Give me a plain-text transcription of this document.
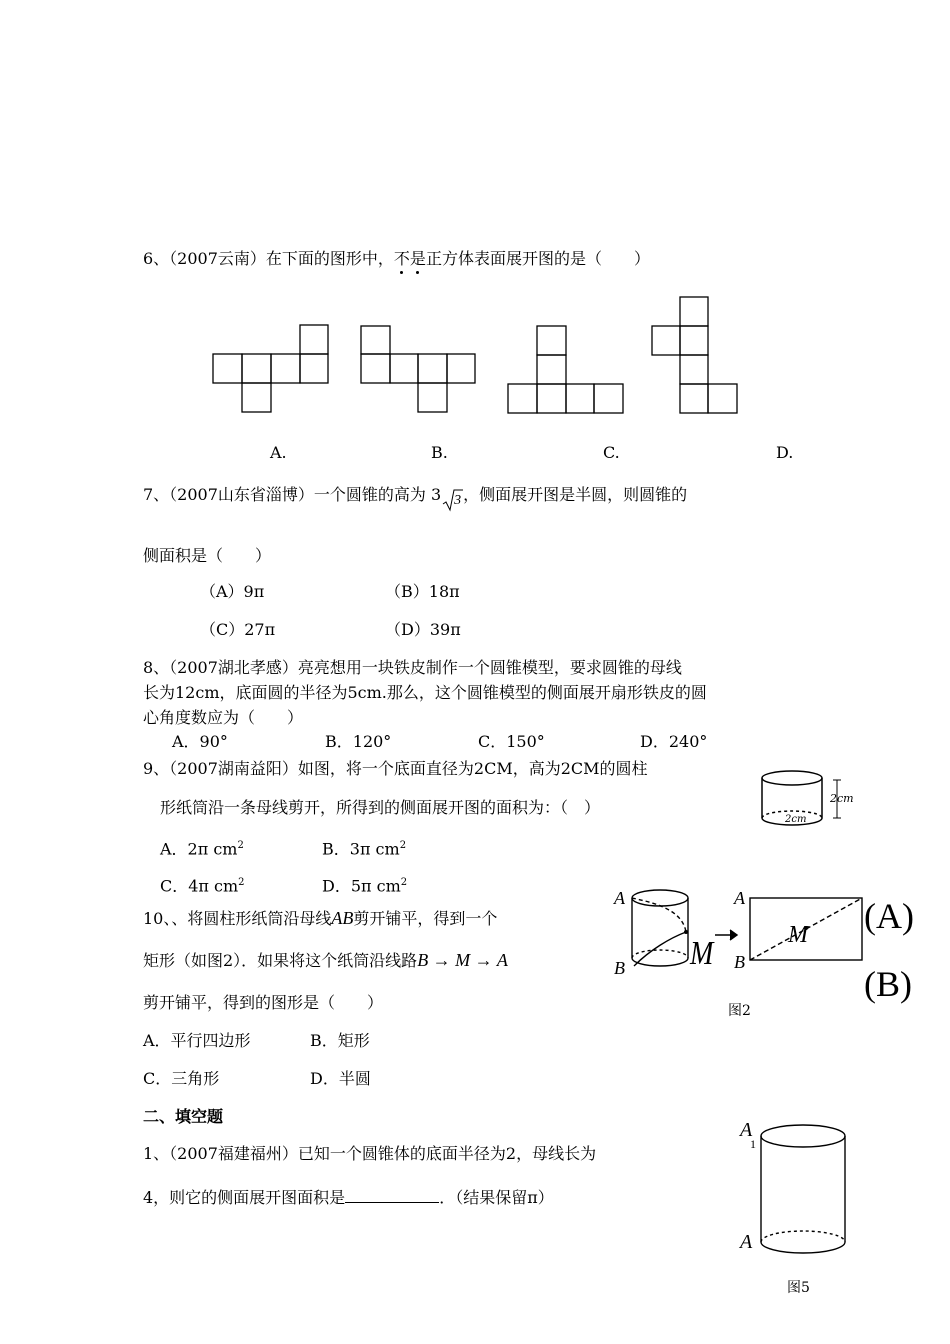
6、（2007云南）在下面的图形中，不是正方体表面展开图的是（　　）
A.	B.	C.	D.
7、（2007山东省淄博）一个圆锥的高为 3 3 ，侧面展开图是半圆，则圆锥的
侧面积是（　　）
（A）9π	（B）18π
（C）27π	（D）39π
8、（2007湖北孝感）亮亮想用一块铁皮制作一个圆锥模型，要求圆锥的母线
长为12cm，底面圆的半径为5cm.那么，这个圆锥模型的侧面展开扇形铁皮的圆
心角度数应为（　　）
A．90°	B．120°	C．150°	D．240°
9、（2007湖南益阳）如图，将一个底面直径为2CM，高为2CM的圆柱
形纸筒沿一条母线剪开，所得到的侧面展开图的面积为：（　）
A．2π $cm^2$	B．3π $cm^2$
C．4π $cm^2$	D．5π $cm^2$
2cm
2cm
10、、将圆柱形纸筒沿母线AB剪开铺平，得到一个
矩形（如图2）．如果将这个纸筒沿线路B → M → A
剪开铺平，得到的图形是（　　）
A．平行四边形	B．矩形
C．三角形	D．半圆
A
B M
A
B
M (A)
(B)
图2
二、填空题
1、（2007福建福州）已知一个圆锥体的底面半径为2，母线长为
4，则它的侧面展开图面积是	．（结果保留π）
A
1
A
图5
